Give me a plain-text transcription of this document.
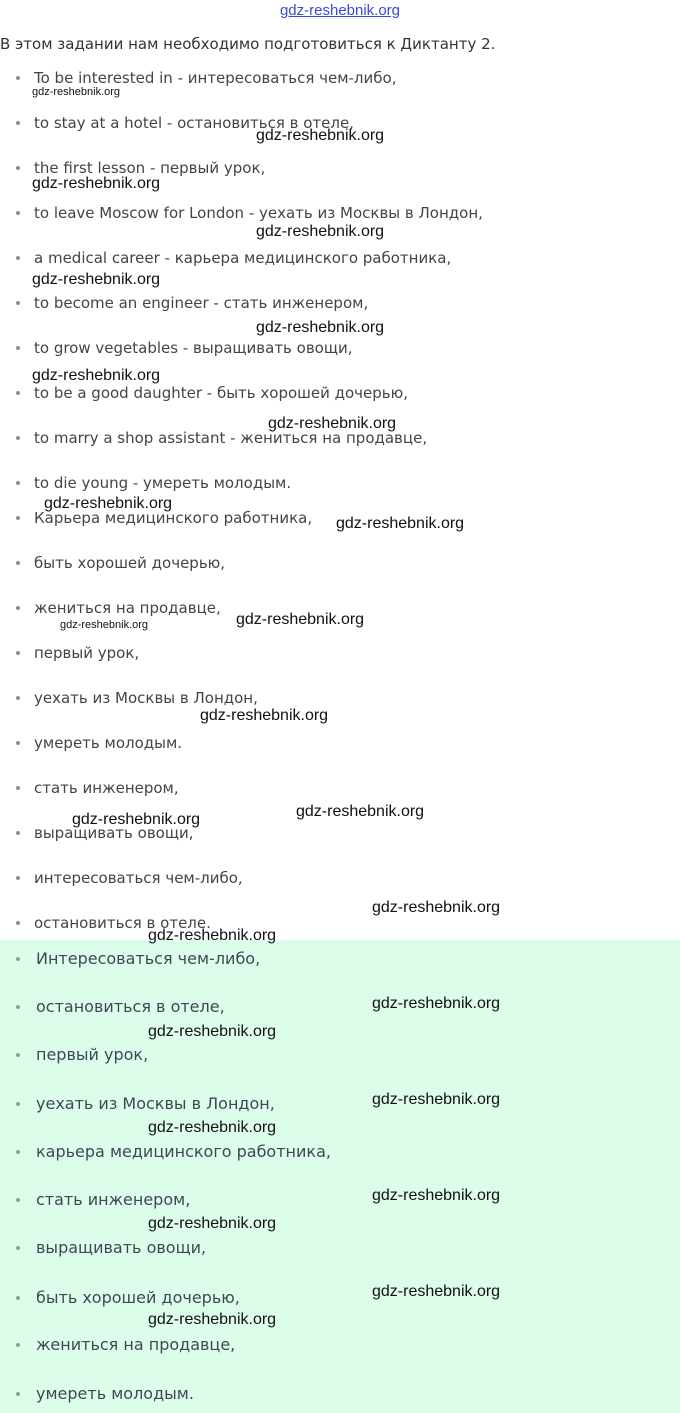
gdz-reshebnik.org
В этом задании нам необходимо подготовиться к Диктанту 2.
To be interested in - интересоваться чем-либо,
to stay at a hotel - остановиться в отеле,
the first lesson - первый урок,
to leave Moscow for London - уехать из Москвы в Лондон,
a medical career - карьера медицинского работника,
to become an engineer - стать инженером,
to grow vegetables - выращивать овощи,
to be a good daughter - быть хорошей дочерью,
to marry a shop assistant - жениться на продавце,
to die young - умереть молодым.
Карьера медицинского работника,
быть хорошей дочерью,
жениться на продавце,
первый урок,
уехать из Москвы в Лондон,
умереть молодым.
стать инженером,
выращивать овощи,
интересоваться чем-либо,
остановиться в отеле.
Интересоваться чем-либо,
остановиться в отеле,
первый урок,
уехать из Москвы в Лондон,
карьера медицинского работника,
стать инженером,
выращивать овощи,
быть хорошей дочерью,
жениться на продавце,
умереть молодым.
gdz-reshebnik.org
gdz-reshebnik.org
gdz-reshebnik.org
gdz-reshebnik.org
gdz-reshebnik.org
gdz-reshebnik.org
gdz-reshebnik.org
gdz-reshebnik.org
gdz-reshebnik.org
gdz-reshebnik.org
gdz-reshebnik.org	gdz-reshebnik.org
gdz-reshebnik.org
gdz-reshebnik.org
gdz-reshebnik.org
gdz-reshebnik.org
gdz-reshebnik.org
gdz-reshebnik.org
gdz-reshebnik.org
gdz-reshebnik.org
gdz-reshebnik.org
gdz-reshebnik.org
gdz-reshebnik.org
gdz-reshebnik.org
gdz-reshebnik.org
